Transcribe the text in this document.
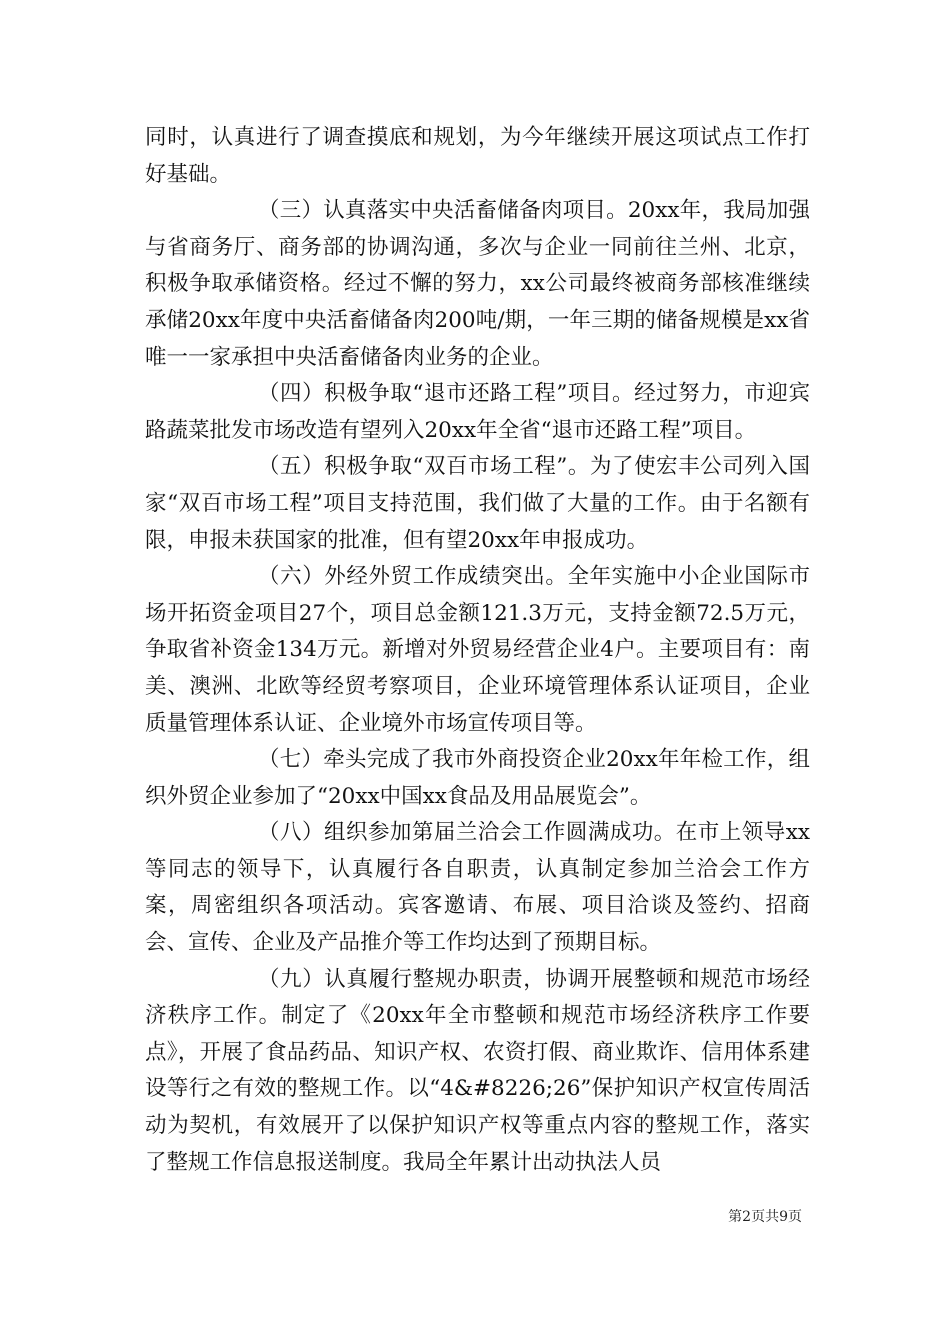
同时，认真进行了调查摸底和规划，为今年继续开展这项试点工作打好基础。

（三）认真落实中央活畜储备肉项目。20xx年，我局加强与省商务厅、商务部的协调沟通，多次与企业一同前往兰州、北京，积极争取承储资格。经过不懈的努力，xx公司最终被商务部核准继续承储20xx年度中央活畜储备肉200吨/期，一年三期的储备规模是xx省唯一一家承担中央活畜储备肉业务的企业。

（四）积极争取“退市还路工程”项目。经过努力，市迎宾路蔬菜批发市场改造有望列入20xx年全省“退市还路工程”项目。

（五）积极争取“双百市场工程”。为了使宏丰公司列入国家“双百市场工程”项目支持范围，我们做了大量的工作。由于名额有限，申报未获国家的批准，但有望20xx年申报成功。

（六）外经外贸工作成绩突出。全年实施中小企业国际市场开拓资金项目27个，项目总金额121.3万元，支持金额72.5万元，争取省补资金134万元。新增对外贸易经营企业4户。主要项目有：南美、澳洲、北欧等经贸考察项目，企业环境管理体系认证项目，企业质量管理体系认证、企业境外市场宣传项目等。

（七）牵头完成了我市外商投资企业20xx年年检工作，组织外贸企业参加了“20xx中国xx食品及用品展览会”。

（八）组织参加第届兰洽会工作圆满成功。在市上领导xx等同志的领导下，认真履行各自职责，认真制定参加兰洽会工作方案，周密组织各项活动。宾客邀请、布展、项目洽谈及签约、招商会、宣传、企业及产品推介等工作均达到了预期目标。

（九）认真履行整规办职责，协调开展整顿和规范市场经济秩序工作。制定了《20xx年全市整顿和规范市场经济秩序工作要点》，开展了食品药品、知识产权、农资打假、商业欺诈、信用体系建设等行之有效的整规工作。以“4&#8226;26”保护知识产权宣传周活动为契机，有效展开了以保护知识产权等重点内容的整规工作，落实了整规工作信息报送制度。我局全年累计出动执法人员

第2页共9页
